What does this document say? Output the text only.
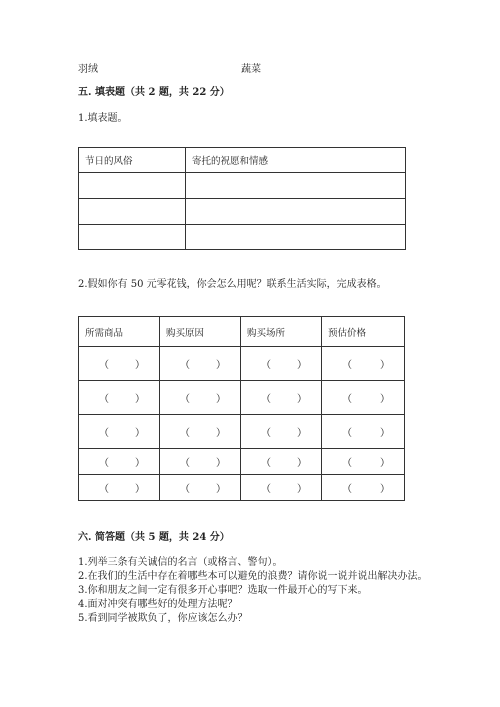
羽绒	蔬菜
五. 填表题（共 2 题，共 22 分）
1.填表题。
节日的风俗	寄托的祝愿和情感

2.假如你有 50 元零花钱，你会怎么用呢？联系生活实际，完成表格。
所需商品	购买原因	购买场所	预估价格

（ ）	（ ）	（ ）	（ ）

（ ）	（ ）	（ ）	（ ）

（ ）	（ ）	（ ）	（ ）

（ ）	（ ）	（ ）	（ ）

（ ）	（ ）	（ ）	（ ）
六. 简答题（共 5 题，共 24 分）
1.列举三条有关诚信的名言（或格言、警句）。
2.在我们的生活中存在着哪些本可以避免的浪费？请你说一说并说出解决办法。
3.你和朋友之间一定有很多开心事吧？选取一件最开心的写下来。
4.面对冲突有哪些好的处理方法呢？
5.看到同学被欺负了，你应该怎么办？
